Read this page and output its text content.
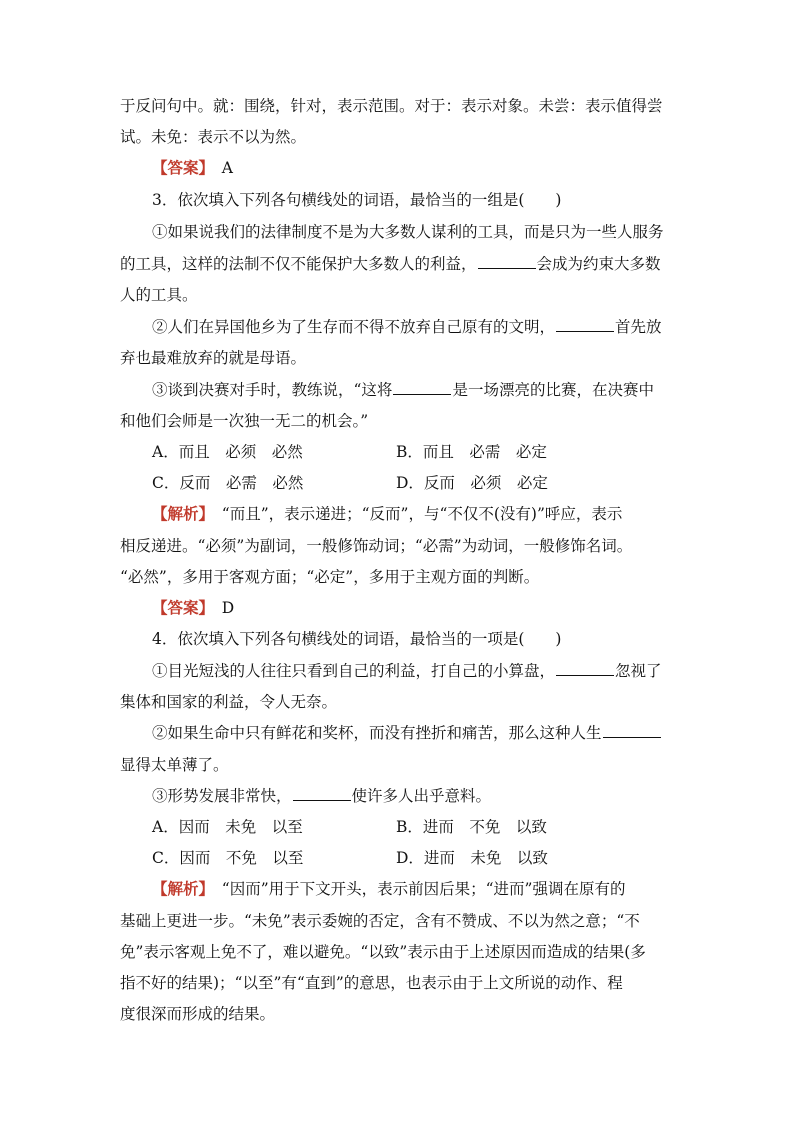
于反问句中。就：围绕，针对，表示范围。对于：表示对象。未尝：表示值得尝
试。未免：表示不以为然。
【答案】　 A
3．依次填入下列各句横线处的词语，最恰当的一组是(　　)
①如果说我们的法律制度不是为大多数人谋利的工具，而是只为一些人服务
的工具，这样的法制不仅不能保护大多数人的利益，	会成为约束大多数
人的工具。
②人们在异国他乡为了生存而不得不放弃自己原有的文明，	首先放
弃也最难放弃的就是母语。
③谈到决赛对手时，教练说，“这将	是一场漂亮的比赛，在决赛中
和他们会师是一次独一无二的机会。”
A．而且　必须　必然	B．而且　必需　必定
C．反而　必需　必然	D．反而　必须　必定
【解析】　“而且”，表示递进；“反而”，与“不仅不(没有)”呼应，表示
相反递进。“必须”为副词，一般修饰动词；“必需”为动词，一般修饰名词。
“必然”，多用于客观方面；“必定”，多用于主观方面的判断。
【答案】　 D
4．依次填入下列各句横线处的词语，最恰当的一项是(　　)
①目光短浅的人往往只看到自己的利益，打自己的小算盘，	忽视了
集体和国家的利益，令人无奈。
②如果生命中只有鲜花和奖杯，而没有挫折和痛苦，那么这种人生
显得太单薄了。
③形势发展非常快，	使许多人出乎意料。
A．因而　未免　以至	B．进而　不免　以致
C．因而　不免　以至	D．进而　未免　以致
【解析】　“因而”用于下文开头，表示前因后果；“进而”强调在原有的
基础上更进一步。“未免”表示委婉的否定，含有不赞成、不以为然之意；“不
免”表示客观上免不了，难以避免。“以致”表示由于上述原因而造成的结果(多
指不好的结果)；“以至”有“直到”的意思，也表示由于上文所说的动作、程
度很深而形成的结果。
